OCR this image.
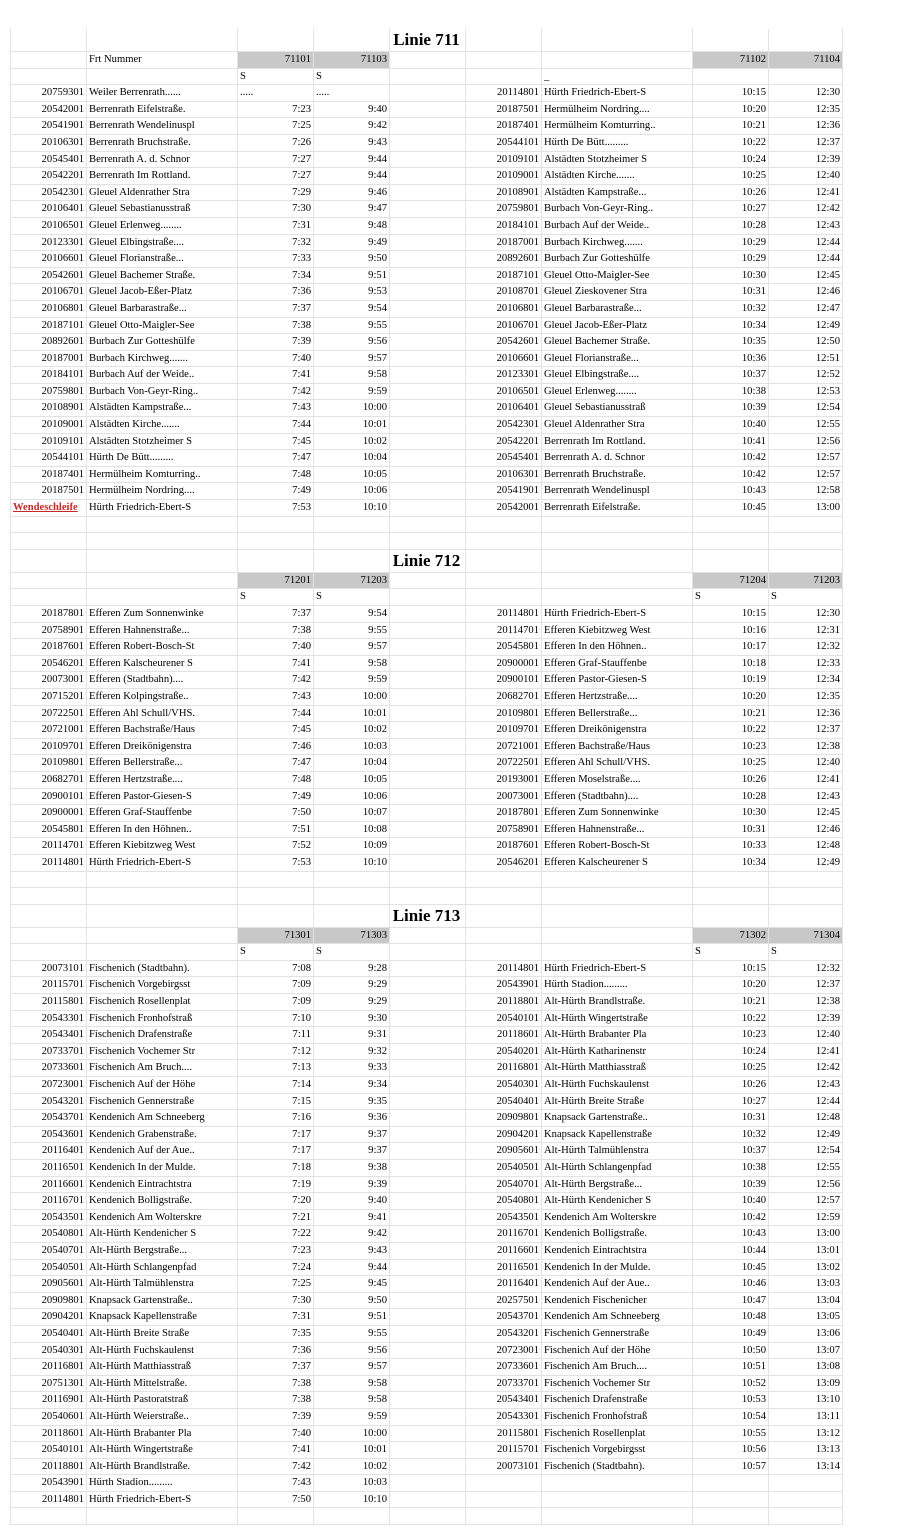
Linie 711
Frt Nummer	71101	71103	71102	71104
S	S	_
20759301 Weiler Berrenrath......	.....	.....	20114801 Hürth Friedrich-Ebert-S	10:15	12:30
20542001 Berrenrath Eifelstraße.	7:23	9:40	20187501 Hermülheim Nordring....	10:20	12:35
20541901 Berrenrath Wendelinuspl	7:25	9:42	20187401 Hermülheim Komturring..	10:21	12:36
20106301 Berrenrath Bruchstraße.	7:26	9:43	20544101 Hürth De Bütt.........	10:22	12:37
20545401 Berrenrath A. d. Schnor	7:27	9:44	20109101 Alstädten Stotzheimer S	10:24	12:39
20542201 Berrenrath Im Rottland.	7:27	9:44	20109001 Alstädten Kirche.......	10:25	12:40
20542301 Gleuel Aldenrather Stra	7:29	9:46	20108901 Alstädten Kampstraße...	10:26	12:41
20106401 Gleuel Sebastianusstraß	7:30	9:47	20759801 Burbach Von-Geyr-Ring..	10:27	12:42
20106501 Gleuel Erlenweg........	7:31	9:48	20184101 Burbach Auf der Weide..	10:28	12:43
20123301 Gleuel Elbingstraße....	7:32	9:49	20187001 Burbach Kirchweg.......	10:29	12:44
20106601 Gleuel Florianstraße...	7:33	9:50	20892601 Burbach Zur Gotteshülfe	10:29	12:44
20542601 Gleuel Bachemer Straße.	7:34	9:51	20187101 Gleuel Otto-Maigler-See	10:30	12:45
20106701 Gleuel Jacob-Eßer-Platz	7:36	9:53	20108701 Gleuel Zieskovener Stra	10:31	12:46
20106801 Gleuel Barbarastraße...	7:37	9:54	20106801 Gleuel Barbarastraße...	10:32	12:47
20187101 Gleuel Otto-Maigler-See	7:38	9:55	20106701 Gleuel Jacob-Eßer-Platz	10:34	12:49
20892601 Burbach Zur Gotteshülfe	7:39	9:56	20542601 Gleuel Bachemer Straße.	10:35	12:50
20187001 Burbach Kirchweg.......	7:40	9:57	20106601 Gleuel Florianstraße...	10:36	12:51
20184101 Burbach Auf der Weide..	7:41	9:58	20123301 Gleuel Elbingstraße....	10:37	12:52
20759801 Burbach Von-Geyr-Ring..	7:42	9:59	20106501 Gleuel Erlenweg........	10:38	12:53
20108901 Alstädten Kampstraße...	7:43	10:00	20106401 Gleuel Sebastianusstraß	10:39	12:54
20109001 Alstädten Kirche.......	7:44	10:01	20542301 Gleuel Aldenrather Stra	10:40	12:55
20109101 Alstädten Stotzheimer S	7:45	10:02	20542201 Berrenrath Im Rottland.	10:41	12:56
20544101 Hürth De Bütt.........	7:47	10:04	20545401 Berrenrath A. d. Schnor	10:42	12:57
20187401 Hermülheim Komturring..	7:48	10:05	20106301 Berrenrath Bruchstraße.	10:42	12:57
20187501 Hermülheim Nordring....	7:49	10:06	20541901 Berrenrath Wendelinuspl	10:43	12:58
Wendeschleife	Hürth Friedrich-Ebert-S	7:53	10:10	20542001 Berrenrath Eifelstraße.	10:45	13:00
Linie 712
71201	71203	71204	71203
S	S	S	S
20187801 Efferen Zum Sonnenwinke	7:37	9:54	20114801 Hürth Friedrich-Ebert-S	10:15	12:30
20758901 Efferen Hahnenstraße...	7:38	9:55	20114701 Efferen Kiebitzweg West	10:16	12:31
20187601 Efferen Robert-Bosch-St	7:40	9:57	20545801 Efferen In den Höhnen..	10:17	12:32
20546201 Efferen Kalscheurener S	7:41	9:58	20900001 Efferen Graf-Stauffenbe	10:18	12:33
20073001 Efferen (Stadtbahn)....	7:42	9:59	20900101 Efferen Pastor-Giesen-S	10:19	12:34
20715201 Efferen Kolpingstraße..	7:43	10:00	20682701 Efferen Hertzstraße....	10:20	12:35
20722501 Efferen Ahl Schull/VHS.	7:44	10:01	20109801 Efferen Bellerstraße...	10:21	12:36
20721001 Efferen Bachstraße/Haus	7:45	10:02	20109701 Efferen Dreikönigenstra	10:22	12:37
20109701 Efferen Dreikönigenstra	7:46	10:03	20721001 Efferen Bachstraße/Haus	10:23	12:38
20109801 Efferen Bellerstraße...	7:47	10:04	20722501 Efferen Ahl Schull/VHS.	10:25	12:40
20682701 Efferen Hertzstraße....	7:48	10:05	20193001 Efferen Moselstraße....	10:26	12:41
20900101 Efferen Pastor-Giesen-S	7:49	10:06	20073001 Efferen (Stadtbahn)....	10:28	12:43
20900001 Efferen Graf-Stauffenbe	7:50	10:07	20187801 Efferen Zum Sonnenwinke	10:30	12:45
20545801 Efferen In den Höhnen..	7:51	10:08	20758901 Efferen Hahnenstraße...	10:31	12:46
20114701 Efferen Kiebitzweg West	7:52	10:09	20187601 Efferen Robert-Bosch-St	10:33	12:48
20114801 Hürth Friedrich-Ebert-S	7:53	10:10	20546201 Efferen Kalscheurener S	10:34	12:49
Linie 713
71301	71303	71302	71304
S	S	S	S
20073101 Fischenich (Stadtbahn).	7:08	9:28	20114801 Hürth Friedrich-Ebert-S	10:15	12:32
20115701 Fischenich Vorgebirgsst	7:09	9:29	20543901 Hürth Stadion.........	10:20	12:37
20115801 Fischenich Rosellenplat	7:09	9:29	20118801 Alt-Hürth Brandlstraße.	10:21	12:38
20543301 Fischenich Fronhofstraß	7:10	9:30	20540101 Alt-Hürth Wingertstraße	10:22	12:39
20543401 Fischenich Drafenstraße	7:11	9:31	20118601 Alt-Hürth Brabanter Pla	10:23	12:40
20733701 Fischenich Vochemer Str	7:12	9:32	20540201 Alt-Hürth Katharinenstr	10:24	12:41
20733601 Fischenich Am Bruch....	7:13	9:33	20116801 Alt-Hürth Matthiasstraß	10:25	12:42
20723001 Fischenich Auf der Höhe	7:14	9:34	20540301 Alt-Hürth Fuchskaulenst	10:26	12:43
20543201 Fischenich Gennerstraße	7:15	9:35	20540401 Alt-Hürth Breite Straße	10:27	12:44
20543701 Kendenich Am Schneeberg	7:16	9:36	20909801 Knapsack Gartenstraße..	10:31	12:48
20543601 Kendenich Grabenstraße.	7:17	9:37	20904201 Knapsack Kapellenstraße	10:32	12:49
20116401 Kendenich Auf der Aue..	7:17	9:37	20905601 Alt-Hürth Talmühlenstra	10:37	12:54
20116501 Kendenich In der Mulde.	7:18	9:38	20540501 Alt-Hürth Schlangenpfad	10:38	12:55
20116601 Kendenich Eintrachtstra	7:19	9:39	20540701 Alt-Hürth Bergstraße...	10:39	12:56
20116701 Kendenich Bolligstraße.	7:20	9:40	20540801 Alt-Hürth Kendenicher S	10:40	12:57
20543501 Kendenich Am Wolterskre	7:21	9:41	20543501 Kendenich Am Wolterskre	10:42	12:59
20540801 Alt-Hürth Kendenicher S	7:22	9:42	20116701 Kendenich Bolligstraße.	10:43	13:00
20540701 Alt-Hürth Bergstraße...	7:23	9:43	20116601 Kendenich Eintrachtstra	10:44	13:01
20540501 Alt-Hürth Schlangenpfad	7:24	9:44	20116501 Kendenich In der Mulde.	10:45	13:02
20905601 Alt-Hürth Talmühlenstra	7:25	9:45	20116401 Kendenich Auf der Aue..	10:46	13:03
20909801 Knapsack Gartenstraße..	7:30	9:50	20257501 Kendenich Fischenicher	10:47	13:04
20904201 Knapsack Kapellenstraße	7:31	9:51	20543701 Kendenich Am Schneeberg	10:48	13:05
20540401 Alt-Hürth Breite Straße	7:35	9:55	20543201 Fischenich Gennerstraße	10:49	13:06
20540301 Alt-Hürth Fuchskaulenst	7:36	9:56	20723001 Fischenich Auf der Höhe	10:50	13:07
20116801 Alt-Hürth Matthiasstraß	7:37	9:57	20733601 Fischenich Am Bruch....	10:51	13:08
20751301 Alt-Hürth Mittelstraße.	7:38	9:58	20733701 Fischenich Vochemer Str	10:52	13:09
20116901 Alt-Hürth Pastoratstraß	7:38	9:58	20543401 Fischenich Drafenstraße	10:53	13:10
20540601 Alt-Hürth Weierstraße..	7:39	9:59	20543301 Fischenich Fronhofstraß	10:54	13:11
20118601 Alt-Hürth Brabanter Pla	7:40	10:00	20115801 Fischenich Rosellenplat	10:55	13:12
20540101 Alt-Hürth Wingertstraße	7:41	10:01	20115701 Fischenich Vorgebirgsst	10:56	13:13
20118801 Alt-Hürth Brandlstraße.	7:42	10:02	20073101 Fischenich (Stadtbahn).	10:57	13:14
20543901 Hürth Stadion.........	7:43	10:03
20114801 Hürth Friedrich-Ebert-S	7:50	10:10
